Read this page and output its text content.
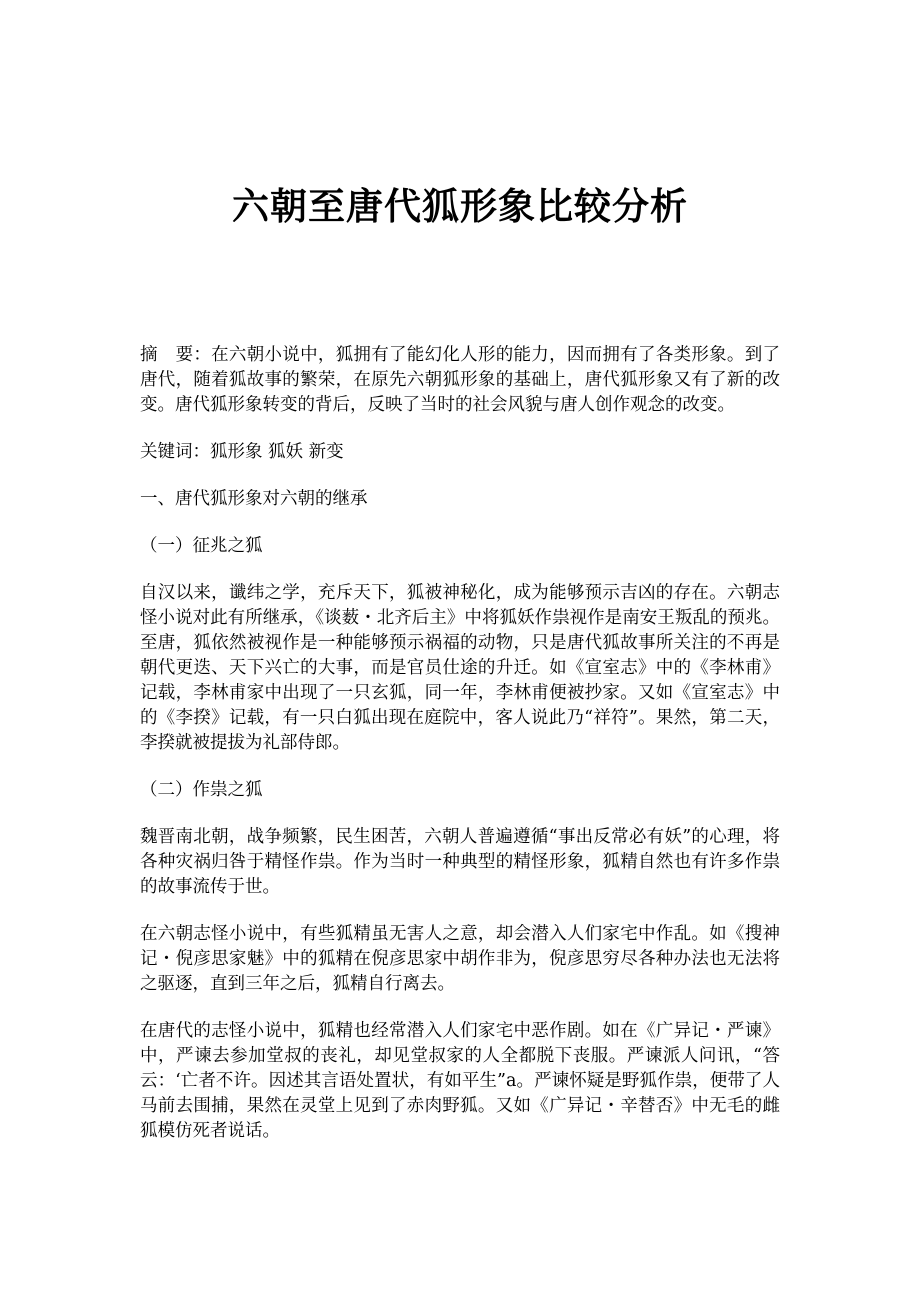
六朝至唐代狐形象比较分析

摘　要：在六朝小说中，狐拥有了能幻化人形的能力，因而拥有了各类形象。到了唐代，随着狐故事的繁荣，在原先六朝狐形象的基础上，唐代狐形象又有了新的改变。唐代狐形象转变的背后，反映了当时的社会风貌与唐人创作观念的改变。

关键词：狐形象 狐妖 新变

一、唐代狐形象对六朝的继承

（一）征兆之狐

自汉以来，谶纬之学，充斥天下，狐被神秘化，成为能够预示吉凶的存在。六朝志怪小说对此有所继承，《谈薮・北齐后主》中将狐妖作祟视作是南安王叛乱的预兆。至唐，狐依然被视作是一种能够预示祸福的动物，只是唐代狐故事所关注的不再是朝代更迭、天下兴亡的大事，而是官员仕途的升迁。如《宣室志》中的《李林甫》记载，李林甫家中出现了一只玄狐，同一年，李林甫便被抄家。又如《宣室志》中的《李揆》记载，有一只白狐出现在庭院中，客人说此乃“祥符”。果然，第二天，李揆就被提拔为礼部侍郎。

（二）作祟之狐

魏晋南北朝，战争频繁，民生困苦，六朝人普遍遵循“事出反常必有妖”的心理，将各种灾祸归咎于精怪作祟。作为当时一种典型的精怪形象，狐精自然也有许多作祟的故事流传于世。

在六朝志怪小说中，有些狐精虽无害人之意，却会潜入人们家宅中作乱。如《搜神记・倪彦思家魅》中的狐精在倪彦思家中胡作非为，倪彦思穷尽各种办法也无法将之驱逐，直到三年之后，狐精自行离去。

在唐代的志怪小说中，狐精也经常潜入人们家宅中恶作剧。如在《广异记・严谏》中，严谏去参加堂叔的丧礼，却见堂叔家的人全都脱下丧服。严谏派人问讯，“答云：‘亡者不许。因述其言语处置状，有如平生”a。严谏怀疑是野狐作祟，便带了人马前去围捕，果然在灵堂上见到了赤肉野狐。又如《广异记・辛替否》中无毛的雌狐模仿死者说话。
